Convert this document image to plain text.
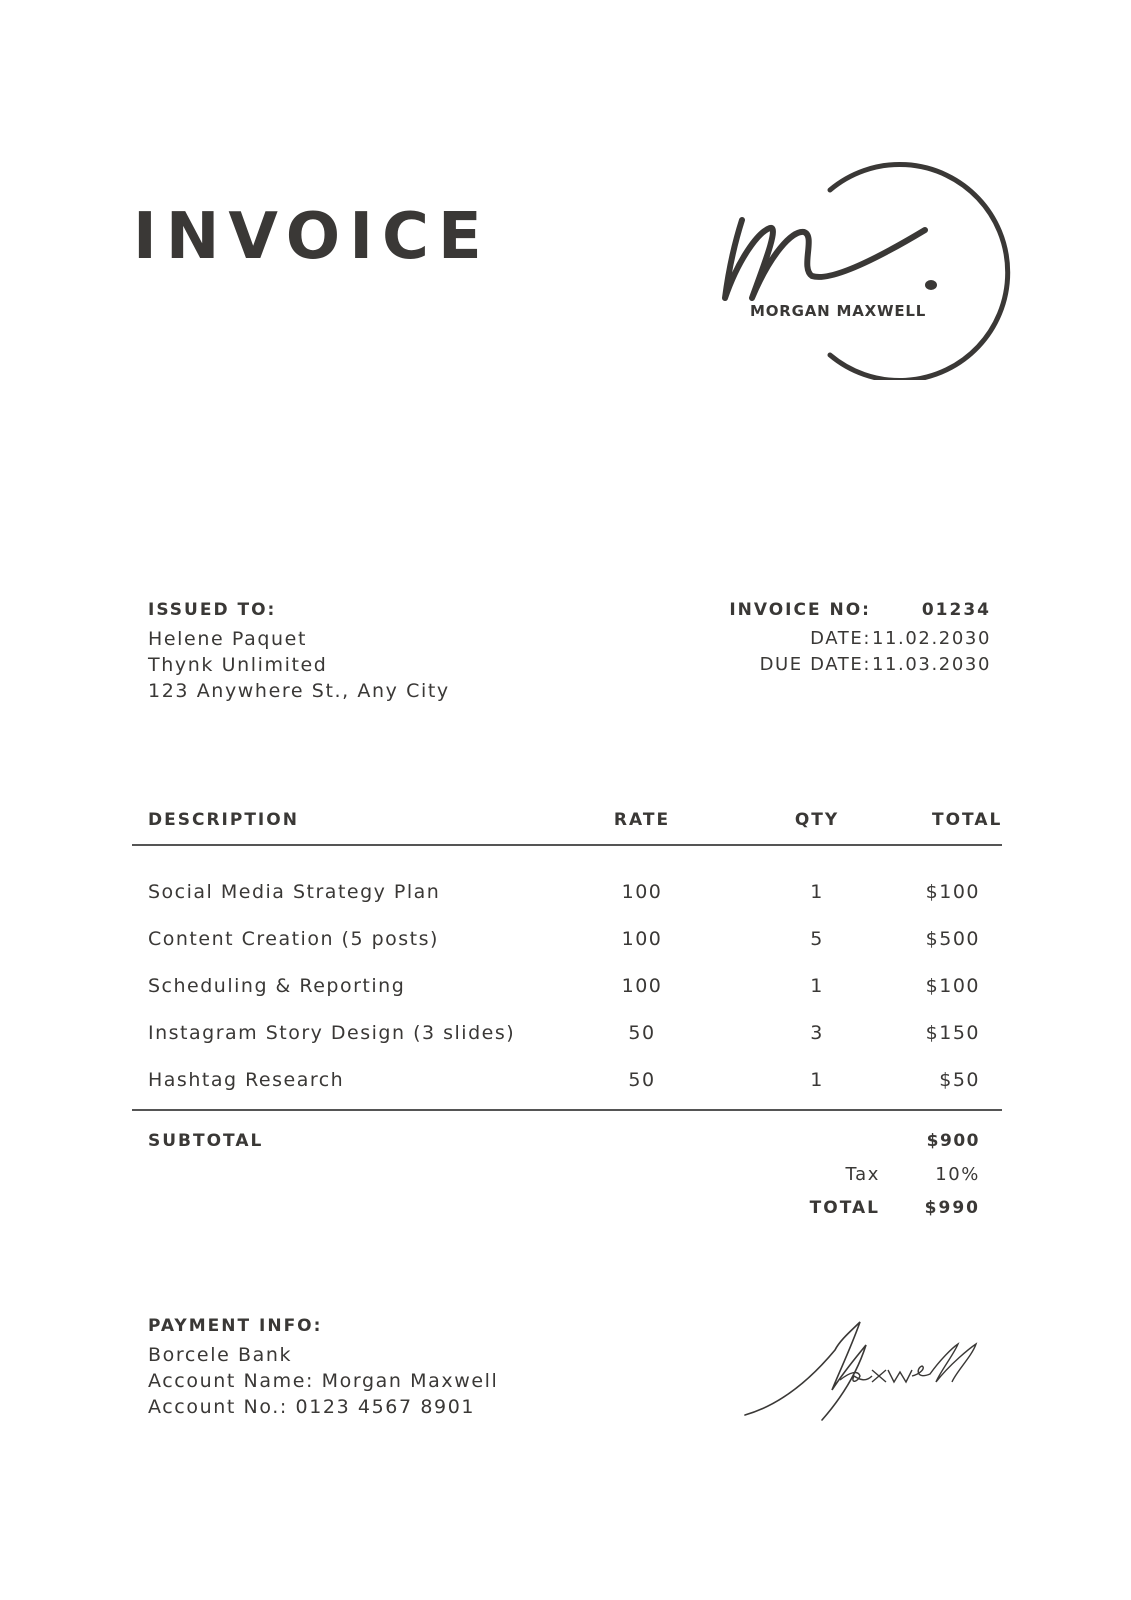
INVOICE
MORGAN MAXWELL
ISSUED TO:
Helene Paquet
Thynk Unlimited
123 Anywhere St., Any City
INVOICE NO:	01234
DATE: 11.02.2030
DUE DATE: 11.03.2030
DESCRIPTION	RATE	QTY	TOTAL
Social Media Strategy Plan	100	1	$100
Content Creation (5 posts)	100	5	$500
Scheduling & Reporting	100	1	$100
Instagram Story Design (3 slides)	50	3	$150
Hashtag Research	50	1	$50
SUBTOTAL	$900
Tax	10%
TOTAL	$990
PAYMENT INFO:
Borcele Bank
Account Name: Morgan Maxwell
Account No.: 0123 4567 8901
